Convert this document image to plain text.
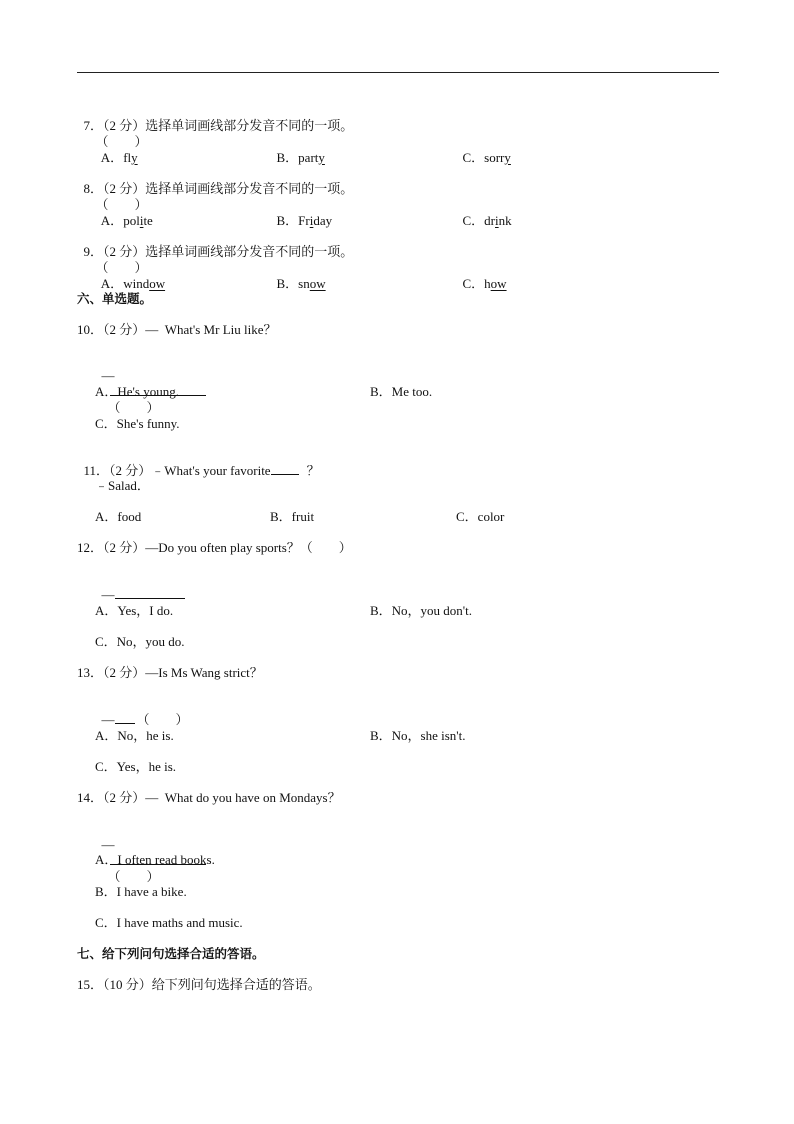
7．（2 分）选择单词画线部分发音不同的一项。
（　　）

A．fly	B．party	C．sorry

8．（2 分）选择单词画线部分发音不同的一项。
（　　）

A．polite	B．Friday	C．drink

9．（2 分）选择单词画线部分发音不同的一项。
（　　）

A．window	B．snow	C．how

六、单选题。
10．（2 分）—  What's Mr Liu like？

—

（　　）

A．He's young.	B．Me too.
C．She's funny.

11．（2 分）﹣What's your favorite	？

﹣Salad．
A．food	B．fruit	C．color
12．（2 分）—Do you often play sports？（　　）

—

A．Yes，I do.	B．No，you don't.
C．No，you do.
13．（2 分）—Is Ms Wang strict？

— （　　）

A．No，he is.	B．No，she isn't.
C．Yes，he is.
14．（2 分）—  What do you have on Mondays？

—

（　　）

A．I often read books.
B．I have a bike.
C．I have maths and music.
七、给下列问句选择合适的答语。
15．（10 分）给下列问句选择合适的答语。
